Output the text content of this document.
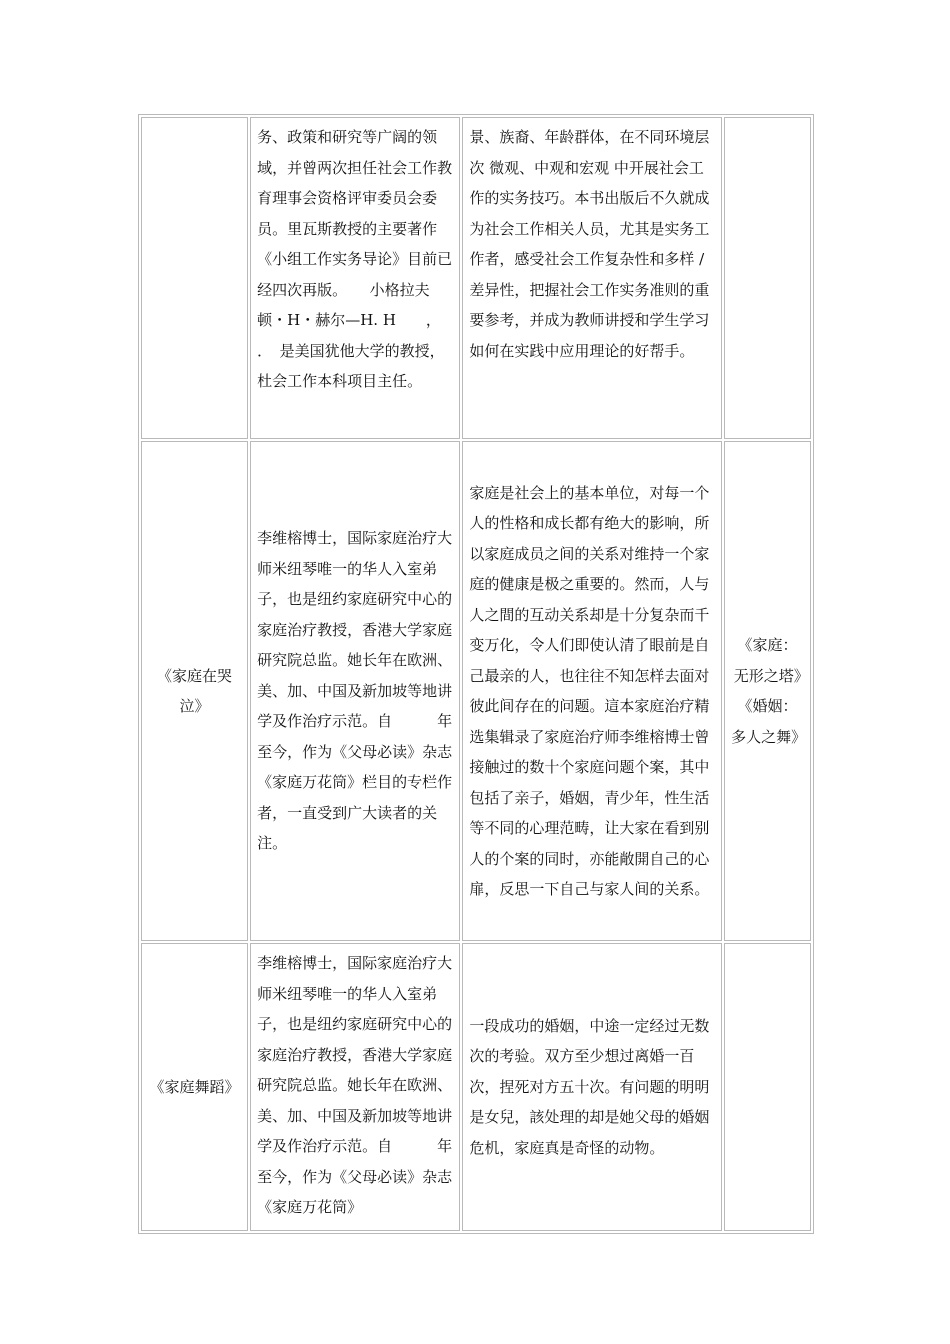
	务、政策和研究等广阔的领域，并曾两次担任社会工作教育理事会资格评审委员会委员。里瓦斯教授的主要著作《小组工作实务导论》目前已经四次再版。　　小格拉夫顿・H・赫尔—H. H　　，　．　是美国犹他大学的教授，杜会工作本科项目主任。	景、族裔、年龄群体，在不同环境层次 微观、中观和宏观 中开展社会工作的实务技巧。本书出版后不久就成为社会工作相关人员，尤其是实务工作者，感受社会工作复杂性和多样 / 差异性，把握社会工作实务准则的重要参考，并成为教师讲授和学生学习如何在实践中应用理论的好帮手。	
《家庭在哭泣》	李维榕博士，国际家庭治疗大师米纽琴唯一的华人入室弟子，也是纽约家庭研究中心的家庭治疗教授，香港大学家庭研究院总监。她长年在欧洲、美、加、中国及新加坡等地讲学及作治疗示范。自　　　年至今，作为《父母必读》杂志《家庭万花筒》栏目的专栏作者，一直受到广大读者的关注。	家庭是社会上的基本单位，对每一个人的性格和成长都有绝大的影响，所以家庭成员之间的关系对维持一个家庭的健康是极之重要的。然而，人与人之間的互动关系却是十分复杂而千变万化，令人们即使认清了眼前是自己最亲的人，也往往不知怎样去面对彼此间存在的问题。這本家庭治疗精选集辑录了家庭治疗师李维榕博士曾接触过的数十个家庭问题个案，其中包括了亲子，婚姻，青少年，性生活等不同的心理范畴，让大家在看到别人的个案的同时，亦能敞開自己的心扉，反思一下自己与家人间的关系。	《家庭：无形之塔》《婚姻：多人之舞》
《家庭舞蹈》	李维榕博士，国际家庭治疗大师米纽琴唯一的华人入室弟子，也是纽约家庭研究中心的家庭治疗教授，香港大学家庭研究院总监。她长年在欧洲、美、加、中国及新加坡等地讲学及作治疗示范。自　　　年至今，作为《父母必读》杂志《家庭万花筒》	一段成功的婚姻，中途一定经过无数次的考验。双方至少想过离婚一百次，捏死对方五十次。有问题的明明是女兒，該处理的却是她父母的婚姻危机，家庭真是奇怪的动物。	
